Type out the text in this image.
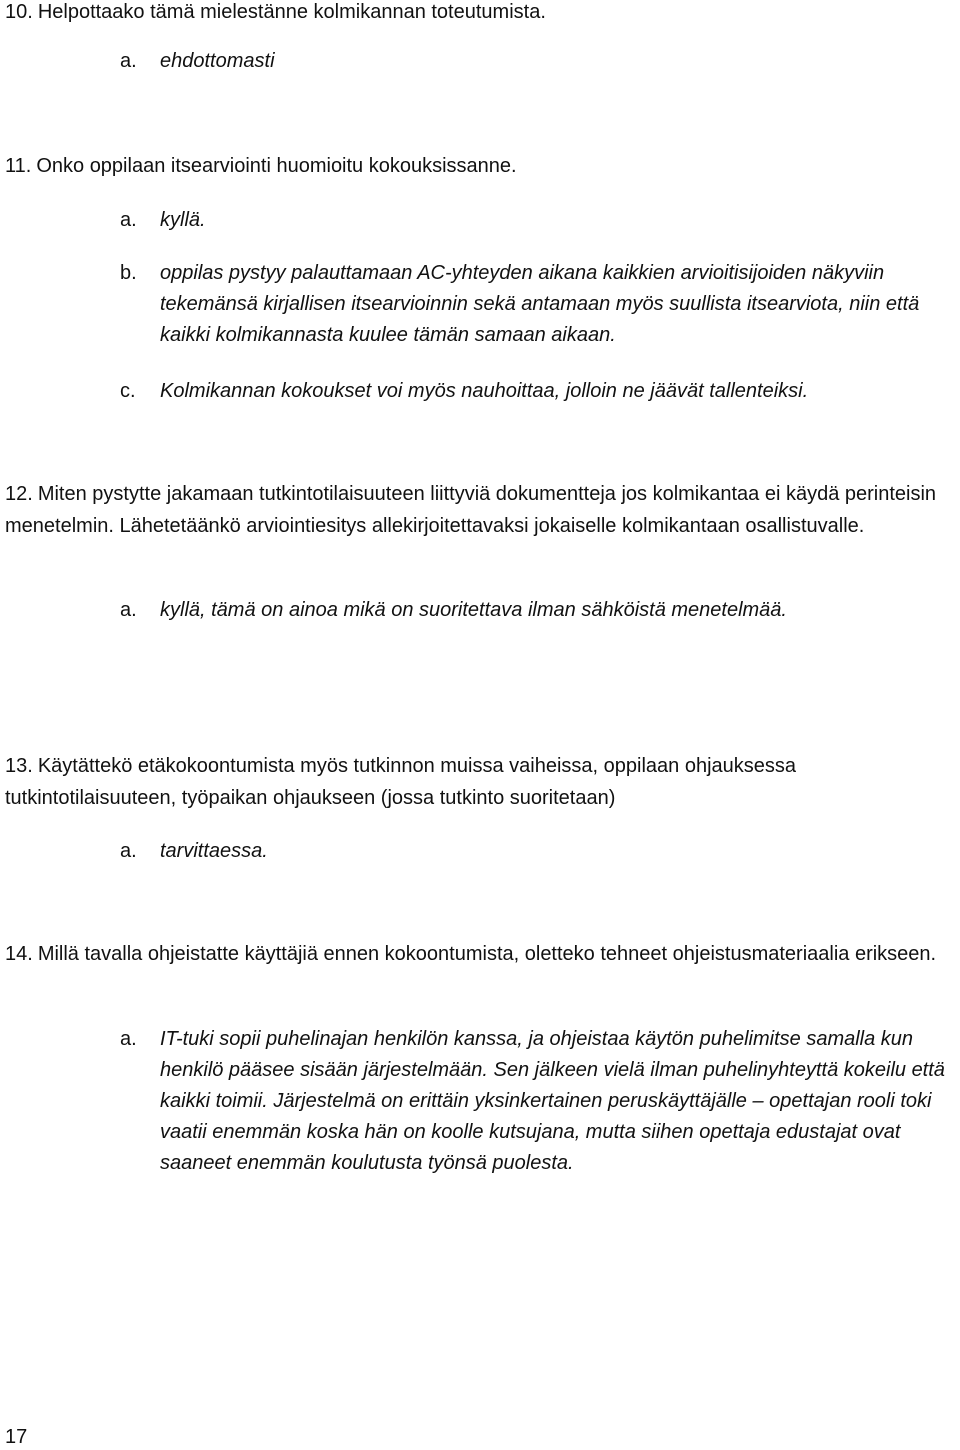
10. Helpottaako tämä mielestänne kolmikannan toteutumista.

a. ehdottomasti

11. Onko oppilaan itsearviointi huomioitu kokouksissanne.

a. kyllä.
b. oppilas pystyy palauttamaan AC-yhteyden aikana kaikkien arvioitisijoiden näkyviin tekemänsä kirjallisen itsearvioinnin sekä antamaan myös suullista itsearviota, niin että kaikki kolmikannasta kuulee tämän samaan aikaan.
c. Kolmikannan kokoukset voi myös nauhoittaa, jolloin ne jäävät tallenteiksi.

12. Miten pystytte jakamaan tutkintotilaisuuteen liittyviä dokumentteja jos kolmikantaa ei käydä perinteisin menetelmin. Lähetetäänkö arviointiesitys allekirjoitettavaksi jokaiselle kolmikantaan osallistuvalle.

a. kyllä, tämä on ainoa mikä on suoritettava ilman sähköistä menetelmää.

13. Käytättekö etäkokoontumista myös tutkinnon muissa vaiheissa, oppilaan ohjauksessa tutkintotilaisuuteen, työpaikan ohjaukseen (jossa tutkinto suoritetaan)

a. tarvittaessa.

14. Millä tavalla ohjeistatte käyttäjiä ennen kokoontumista, oletteko tehneet ohjeistusmateriaalia erikseen.

a. IT-tuki sopii puhelinajan henkilön kanssa, ja ohjeistaa käytön puhelimitse samalla kun henkilö pääsee sisään järjestelmään. Sen jälkeen vielä ilman puhelinyhteyttä kokeilu että kaikki toimii. Järjestelmä on erittäin yksinkertainen peruskäyttäjälle – opettajan rooli toki vaatii enemmän koska hän on koolle kutsujana, mutta siihen opettaja edustajat ovat saaneet enemmän koulutusta työnsä puolesta.

17
